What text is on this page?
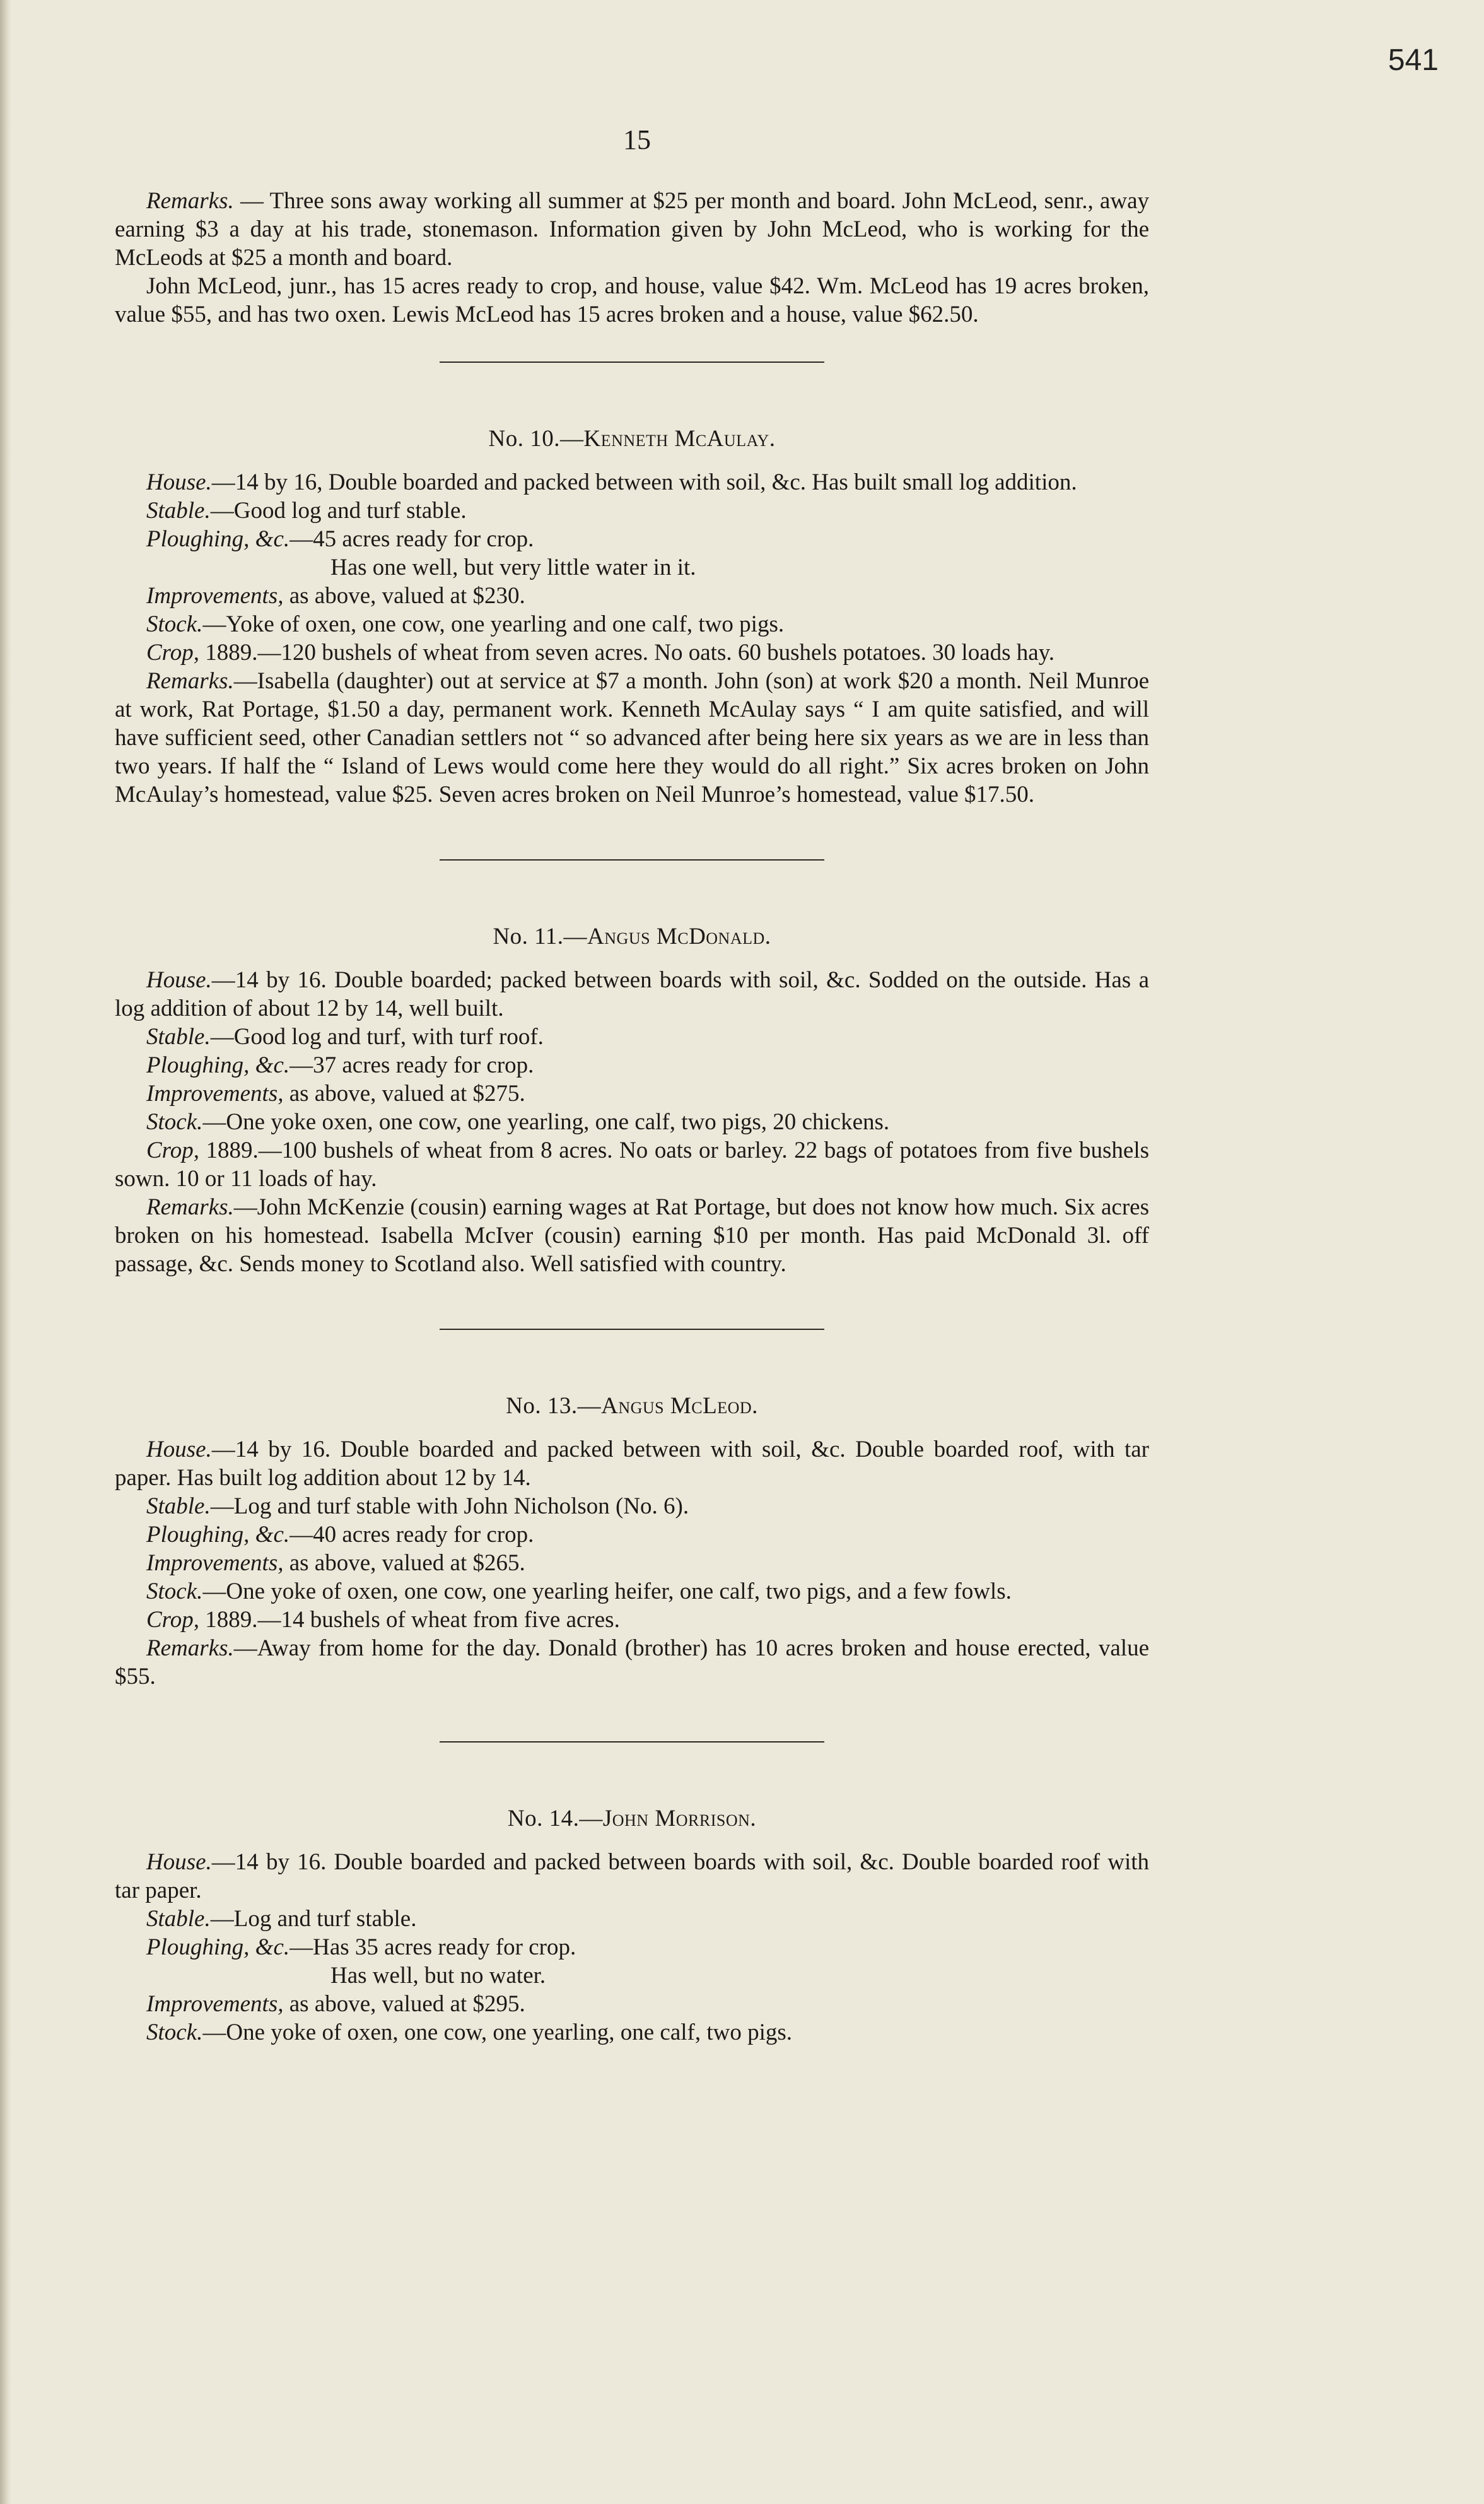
541
15

Remarks. — Three sons away working all summer at $25 per month and board. John McLeod, senr., away earning $3 a day at his trade, stonemason. Information given by John McLeod, who is working for the McLeods at $25 a month and board.

John McLeod, junr., has 15 acres ready to crop, and house, value $42. Wm. McLeod has 19 acres broken, value $55, and has two oxen. Lewis McLeod has 15 acres broken and a house, value $62.50.

No. 10.—Kenneth McAulay.

House.—14 by 16, Double boarded and packed between with soil, &c. Has built small log addition.

Stable.—Good log and turf stable.

Ploughing, &c.—45 acres ready for crop.

Has one well, but very little water in it.

Improvements, as above, valued at $230.

Stock.—Yoke of oxen, one cow, one yearling and one calf, two pigs.

Crop, 1889.—120 bushels of wheat from seven acres. No oats. 60 bushels potatoes. 30 loads hay.

Remarks.—Isabella (daughter) out at service at $7 a month. John (son) at work $20 a month. Neil Munroe at work, Rat Portage, $1.50 a day, permanent work. Kenneth McAulay says “ I am quite satisfied, and will have sufficient seed, other Canadian settlers not “ so advanced after being here six years as we are in less than two years. If half the “ Island of Lews would come here they would do all right.” Six acres broken on John McAulay’s homestead, value $25. Seven acres broken on Neil Munroe’s homestead, value $17.50.

No. 11.—Angus McDonald.

House.—14 by 16. Double boarded; packed between boards with soil, &c. Sodded on the outside. Has a log addition of about 12 by 14, well built.

Stable.—Good log and turf, with turf roof.

Ploughing, &c.—37 acres ready for crop.

Improvements, as above, valued at $275.

Stock.—One yoke oxen, one cow, one yearling, one calf, two pigs, 20 chickens.

Crop, 1889.—100 bushels of wheat from 8 acres. No oats or barley. 22 bags of potatoes from five bushels sown. 10 or 11 loads of hay.

Remarks.—John McKenzie (cousin) earning wages at Rat Portage, but does not know how much. Six acres broken on his homestead. Isabella McIver (cousin) earning $10 per month. Has paid McDonald 3l. off passage, &c. Sends money to Scotland also. Well satisfied with country.

No. 13.—Angus McLeod.

House.—14 by 16. Double boarded and packed between with soil, &c. Double boarded roof, with tar paper. Has built log addition about 12 by 14.

Stable.—Log and turf stable with John Nicholson (No. 6).

Ploughing, &c.—40 acres ready for crop.

Improvements, as above, valued at $265.

Stock.—One yoke of oxen, one cow, one yearling heifer, one calf, two pigs, and a few fowls.

Crop, 1889.—14 bushels of wheat from five acres.

Remarks.—Away from home for the day. Donald (brother) has 10 acres broken and house erected, value $55.

No. 14.—John Morrison.

House.—14 by 16. Double boarded and packed between boards with soil, &c. Double boarded roof with tar paper.

Stable.—Log and turf stable.

Ploughing, &c.—Has 35 acres ready for crop.

Has well, but no water.

Improvements, as above, valued at $295.

Stock.—One yoke of oxen, one cow, one yearling, one calf, two pigs.
